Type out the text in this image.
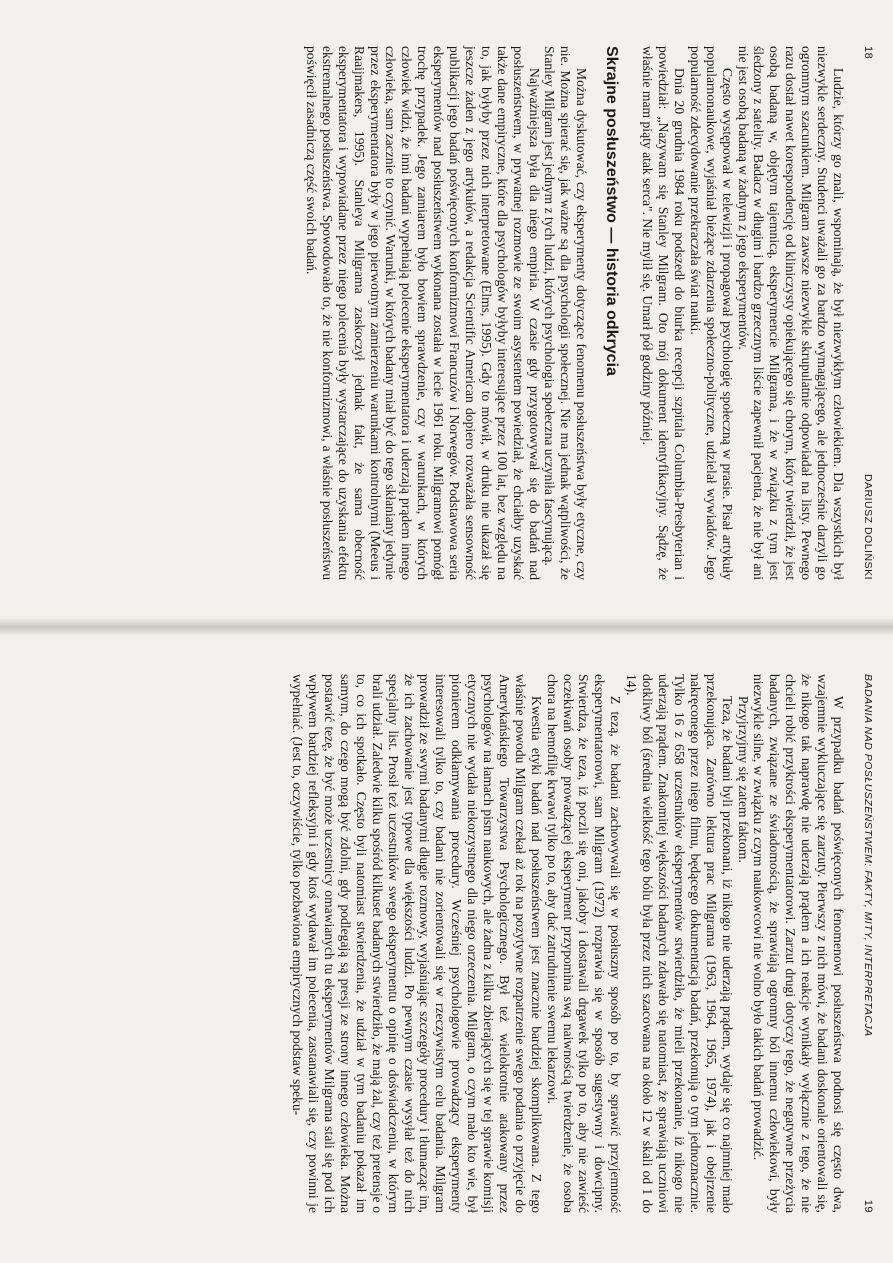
18
DARIUSZ DOLIŃSKI

Ludzie, którzy go znali, wspominają, że był niezwykłym człowiekiem. Dla wszystkich był niezwykle serdeczny. Studenci uważali go za bardzo wymagającego, ale jednocześnie darzyli go ogromnym szacunkiem. Milgram zawsze niezwykle skrupulatnie odpowiadał na listy. Pewnego razu dostał nawet korespondencję od kliniczysty opiekującego się chorym, który twierdził, że jest osobą badaną w, objętym tajemnicą, eksperymencie Milgrama, i że w związku z tym jest śledzony z satelity. Badacz w długim i bardzo grzecznym liście zapewnił pacjenta, że nie był ani nie jest osobą badaną w żadnym z jego eksperymentów.

Często występował w telewizji i propagował psychologię społeczną w prasie. Pisał artykuły popularnonaukowe, wyjaśniał bieżące zdarzenia społeczno-polityczne, udzielał wywiadów. Jego popularność zdecydowanie przekraczała świat nauki.

Dnia 20 grudnia 1984 roku podszedł do biurka recepcji szpitala Columbia-Presbyterian i powiedział: „Nazywam się Stanley Milgram. Oto mój dokument identyfikacyjny. Sądzę, że właśnie mam piąty atak serca". Nie mylił się. Umarł pół godziny później.

Skrajne posłuszeństwo — historia odkrycia

Można dyskutować, czy eksperymenty dotyczące fenomenu posłuszeństwa były etyczne, czy nie. Można spierać się, jak ważne są dla psychologii społecznej. Nie ma jednak wątpliwości, że Stanley Milgram jest jednym z tych ludzi, których psychologia społeczna uczyniła fascynującą.

Najważniejsza była dla niego empiria. W czasie gdy przygotowywał się do badań nad posłuszeństwem, w prywatnej rozmowie ze swoim asystentem powiedział, że chciałby uzyskać także dane empiryczne, które dla psychologów byłyby interesujące przez 100 lat, bez względu na to, jak byłyby przez nich interpretowane (Elms, 1995). Gdy to mówił, w druku nie ukazał się jeszcze żaden z jego artykułów, a redakcja Scientific American dopiero rozważała sensowność publikacji jego badań poświęconych konformizmowi Francuzów i Norwegów. Podstawowa seria eksperymentów nad posłuszeństwem wykonana została w lecie 1961 roku. Milgramowi pomógł trochę przypadek. Jego zamiarem było bowiem sprawdzenie, czy w warunkach, w których człowiek widzi, że inni badani wypełniają polecenie eksperymentatora i uderzają prądem innego człowieka, sam zacznie to czynić. Warunki, w których badany miał być do tego skłaniany jedynie przez eksperymentatora były w jego pierwotnym zamierzeniu warunkami kontrolnymi (Meeus i Raaijmakers, 1995). Stanleya Milgrama zaskoczył jednak fakt, że sama obecność eksperymentatora i wypowiadane przez niego polecenia były wystarczające do uzyskania efektu ekstremalnego posłuszeństwa. Spowodowało to, że nie konformizmowi, a właśnie posłuszeństwu poświęcił zasadniczą część swoich badań.

BADANIA NAD POSŁUSZEŃSTWEM: FAKTY, MITY, INTERPRETACJA
19

W przypadku badań poświęconych fenomenowi posłuszeństwa podnosi się często dwa, wzajemnie wykluczające się zarzuty. Pierwszy z nich mówi, że badani doskonale orientowali się, że nikogo tak naprawdę nie uderzają prądem a ich reakcje wynikały wyłącznie z tego, że nie chcieli robić przykrości eksperymentatorowi. Zarzut drugi dotyczy tego, że negatywne przeżycia badanych, związane ze świadomością, że sprawiają ogromny ból innemu człowiekowi, były niezwykle silne, w związku z czym naukowcowi nie wolno było takich badań prowadzić.

Przyjrzyjmy się zatem faktom.

Teza, że badani byli przekonani, iż nikogo nie uderzają prądem, wydaje się co najmniej mało przekonująca. Zarówno lektura prac Milgrama (1963, 1964, 1965, 1974), jak i obejrzenie nakręconego przez niego filmu, będącego dokumentacją badań, przekonują o tym jednoznacznie. Tylko 16 z 658 uczestników eksperymentów stwierdziło, że mieli przekonanie, iż nikogo nie uderzają prądem. Znakomitej większości badanych zdawało się natomiast, że sprawiają uczniowi dotkliwy ból (średnia wielkość tego bólu była przez nich szacowana na około 12 w skali od 1 do 14).

Z tezą, że badani zachowywali się w posłuszny sposób po to, by sprawić przyjemność eksperymentatorowi, sam Milgram (1972) rozprawia się w sposób sugestywny i dowcipny. Stwierdza, że teza, iż poczli się oni, jakoby i dostawali drgawek tylko po to, aby nie zawieść oczekiwań osoby prowadzącej eksperyment przypomina swą naiwnością twierdzenie, że osoba chora na hemofilię krwawi tylko po to, aby dać zatrudnienie swemu lekarzowi.

Kwestia etyki badań nad posłuszeństwem jest znacznie bardziej skomplikowana. Z tego właśnie powodu Milgram czekał aż rok na pozytywne rozpatrzenie swego podania o przyjęcie do Amerykańskiego Towarzystwa Psychologicznego. Był też wielokrotnie atakowany przez psychologów na łamach pism naukowych, ale żadna z kilku zbierających się w tej sprawie komisji etycznych nie wydała niekorzystnego dla niego orzeczenia. Milgram, o czym mało kto wie, był pionierem odkłamywania procedury. Wcześniej psychologowie prowadzący eksperymenty interesowali tylko to, czy badani nie zorientowali się w rzeczywistym celu badania. Milgram prowadził ze swymi badanymi długie rozmowy, wyjaśniając szczegóły procedury i tłumacząc im, że ich zachowanie jest typowe dla większości ludzi. Po pewnym czasie wysyłał też do nich specjalny list. Prosił też uczestników swego eksperymentu o opinię o doświadczeniu, w którym brali udział. Zaledwie kilku spośród kilkuset badanych stwierdziło, że mają żal, czy też pretensje o to, co ich spotkało. Często byli natomiast stwierdzenia, że udział w tym badaniu pokazał im samym, do czego mogą być zdolni, gdy podlegają są presji ze strony innego człowieka. Można postawić tezę, że być może uczestnicy omawianych tu eksperymentów Milgrama stali się pod ich wpływem bardziej refleksyjni i gdy ktoś wydawał im polecenia, zastanawiali się, czy powinni je wypełniać. (Jest to, oczywiście, tylko pozbawiona empirycznych podstaw speku-
